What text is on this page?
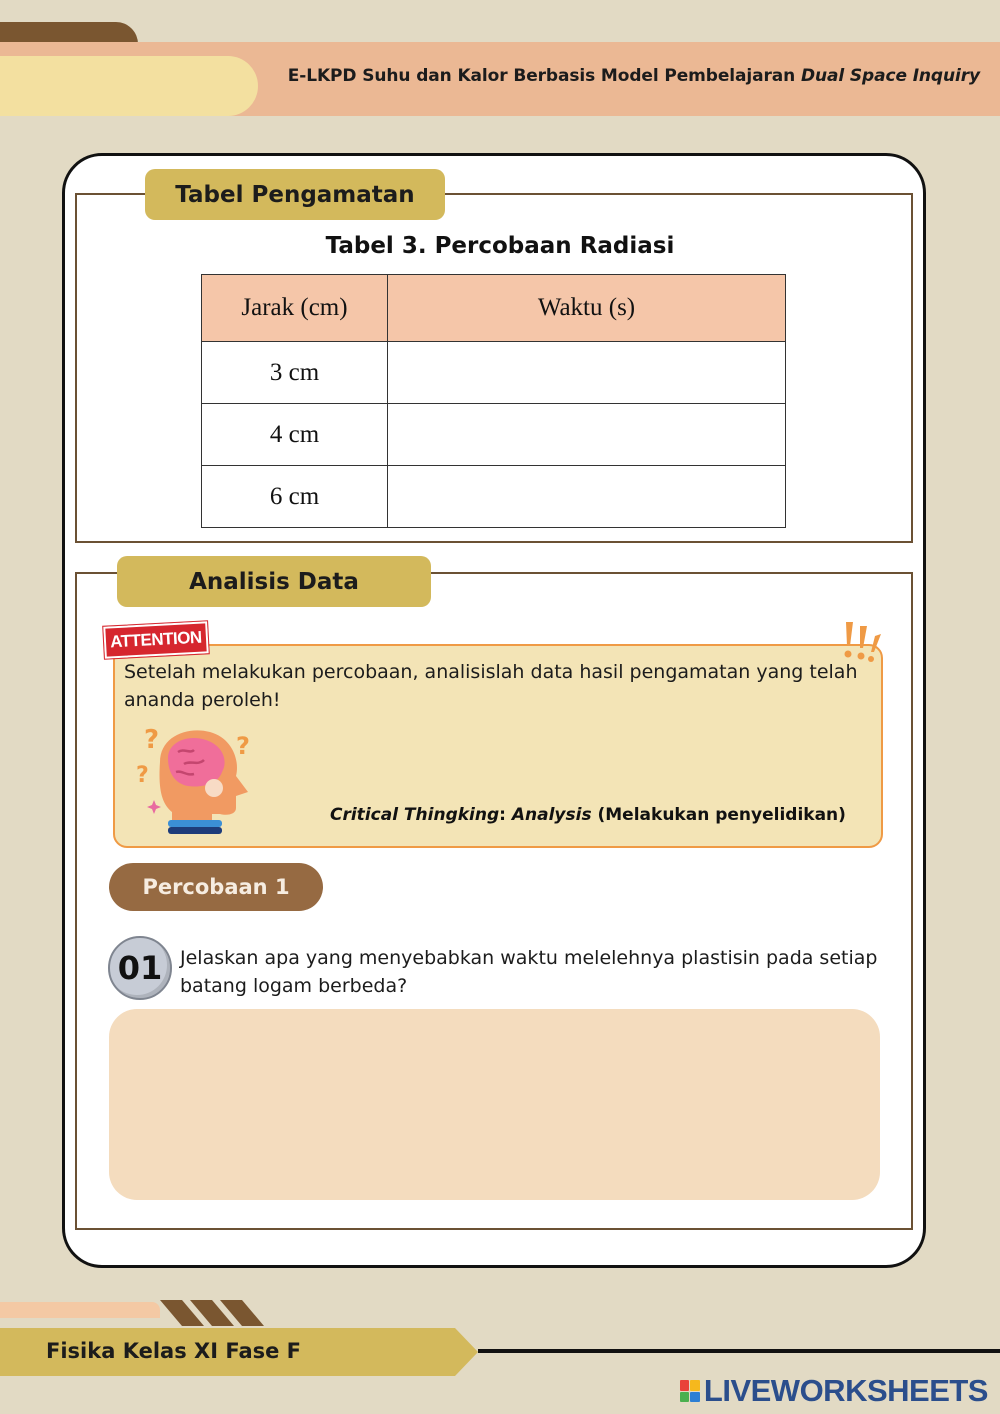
E-LKPD Suhu dan Kalor Berbasis Model Pembelajaran Dual Space Inquiry
Tabel Pengamatan
Tabel 3. Percobaan Radiasi
Jarak (cm)	Waktu (s)
3 cm	
4 cm	
6 cm	
Analisis Data
ATTENTION
Setelah melakukan percobaan, analisislah data hasil pengamatan yang telah ananda peroleh!
?	?
?
Critical Thingking: Analysis (Melakukan penyelidikan)
Percobaan 1
01 Jelaskan apa yang menyebabkan waktu melelehnya plastisin pada setiap batang logam berbeda?
Fisika Kelas XI Fase F
LIVEWORKSHEETS
